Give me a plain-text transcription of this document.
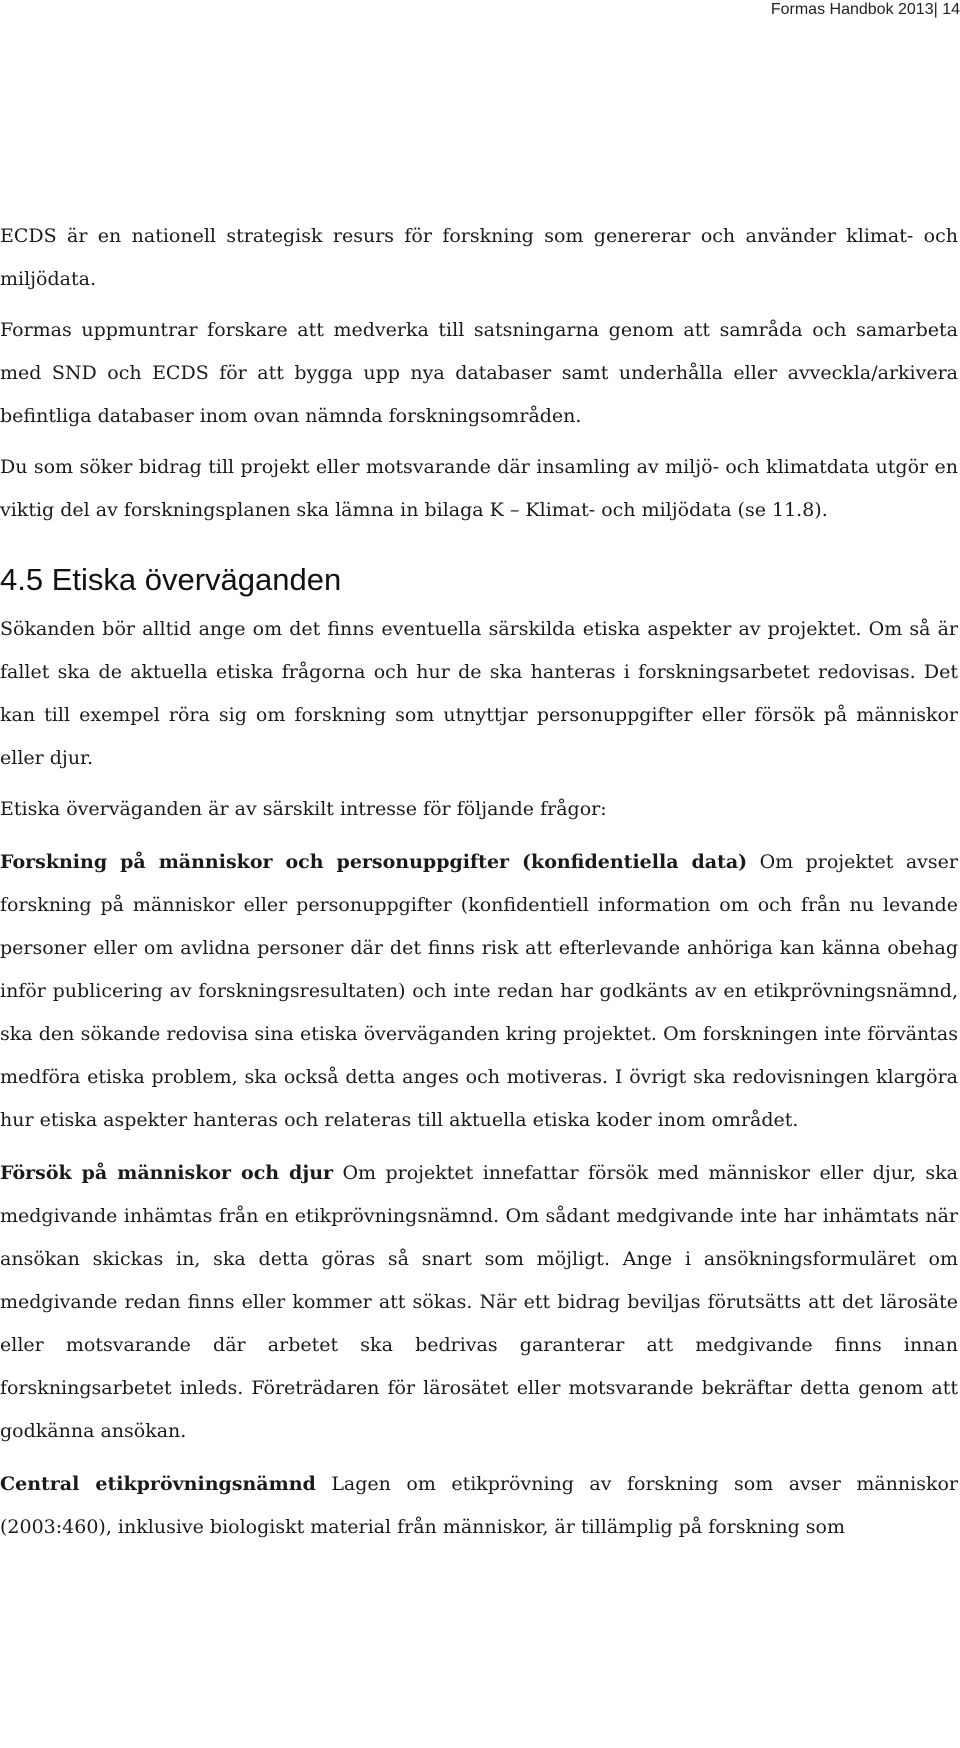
Formas Handbok 2013| 14

ECDS är en nationell strategisk resurs för forskning som genererar och använder klimat- och miljödata.

Formas uppmuntrar forskare att medverka till satsningarna genom att samråda och samarbeta med SND och ECDS för att bygga upp nya databaser samt underhålla eller avveckla/arkivera befintliga databaser inom ovan nämnda forskningsområden.

Du som söker bidrag till projekt eller motsvarande där insamling av miljö- och klimatdata utgör en viktig del av forskningsplanen ska lämna in bilaga K – Klimat- och miljödata (se 11.8).

4.5 Etiska överväganden

Sökanden bör alltid ange om det finns eventuella särskilda etiska aspekter av projektet. Om så är fallet ska de aktuella etiska frågorna och hur de ska hanteras i forskningsarbetet redovisas. Det kan till exempel röra sig om forskning som utnyttjar personuppgifter eller försök på människor eller djur.

Etiska överväganden är av särskilt intresse för följande frågor:

Forskning på människor och personuppgifter (konfidentiella data) Om projektet avser forskning på människor eller personuppgifter (konfidentiell information om och från nu levande personer eller om avlidna personer där det finns risk att efterlevande anhöriga kan känna obehag inför publicering av forskningsresultaten) och inte redan har godkänts av en etikprövningsnämnd, ska den sökande redovisa sina etiska överväganden kring projektet. Om forskningen inte förväntas medföra etiska problem, ska också detta anges och motiveras. I övrigt ska redovisningen klargöra hur etiska aspekter hanteras och relateras till aktuella etiska koder inom området.

Försök på människor och djur Om projektet innefattar försök med människor eller djur, ska medgivande inhämtas från en etikprövningsnämnd. Om sådant medgivande inte har inhämtats när ansökan skickas in, ska detta göras så snart som möjligt. Ange i ansökningsformuläret om medgivande redan finns eller kommer att sökas. När ett bidrag beviljas förutsätts att det lärosäte eller motsvarande där arbetet ska bedrivas garanterar att medgivande finns innan forskningsarbetet inleds. Företrädaren för lärosätet eller motsvarande bekräftar detta genom att godkänna ansökan.

Central etikprövningsnämnd Lagen om etikprövning av forskning som avser människor (2003:460), inklusive biologiskt material från människor, är tillämplig på forskning som
